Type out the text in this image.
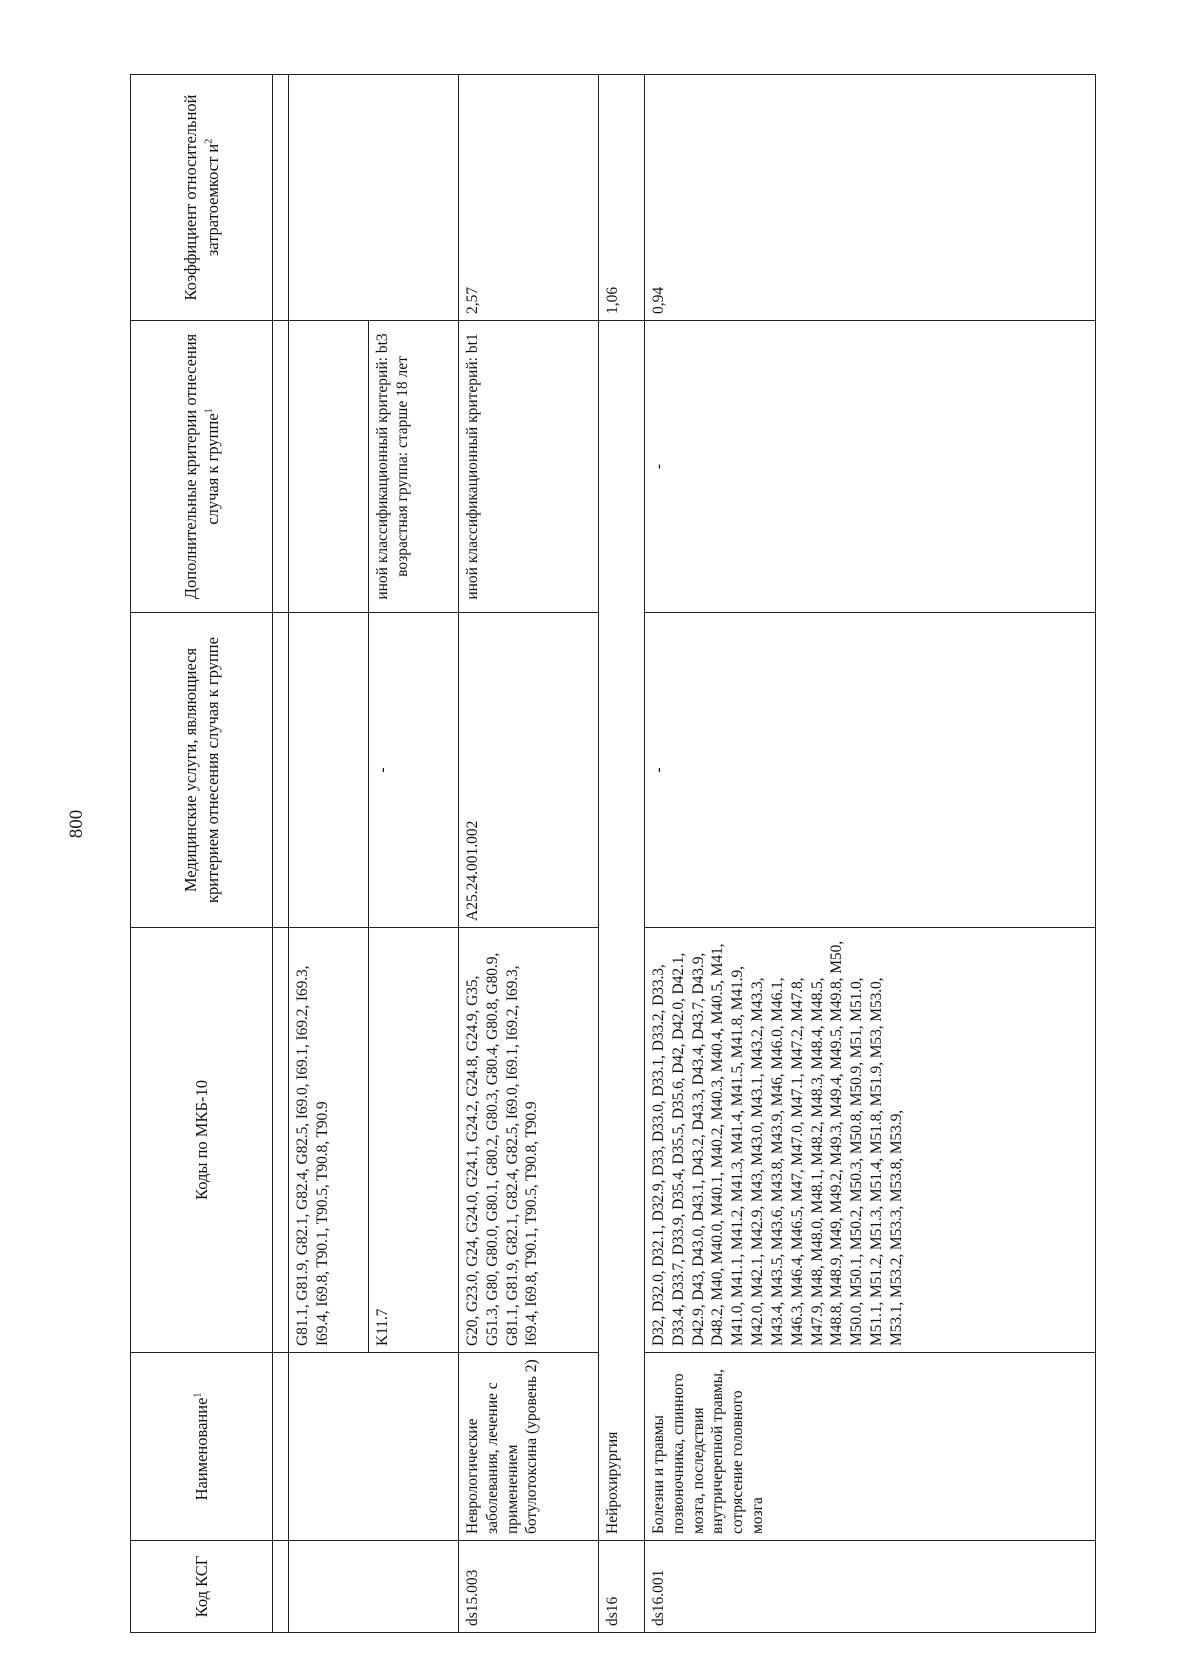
800
Код КСГ	Наименование$^1$	Коды по МКБ-10	Медицинские услуги, являющиеся критерием отнесения случая к группе	Дополнительные критерии отнесения случая к группе$^1$	Коэффициент относительной затратоемкост $и^2$

		G81.1, G81.9, G82.1, G82.4, G82.5, I69.0, I69.1, I69.2, I69.3, I69.4, I69.8, T90.1, T90.5, T90.8, T90.9			
		K11.7	-	иной классификационный критерий: bt3 возрастная группа: старше 18 лет	
ds15.003	Неврологические заболевания, лечение с применением ботулотоксина (уровень 2)	G20, G23.0, G24, G24.0, G24.1, G24.2, G24.8, G24.9, G35, G51.3, G80, G80.0, G80.1, G80.2, G80.3, G80.4, G80.8, G80.9, G81.1, G81.9, G82.1, G82.4, G82.5, I69.0, I69.1, I69.2, I69.3, I69.4, I69.8, T90.1, T90.5, T90.8, T90.9	A25.24.001.002	иной классификационный критерий: bt1	2,57
ds16	Нейрохирургия				1,06
ds16.001	Болезни и травмы позвоночника, спинного мозга, последствия внутричерепной травмы, сотрясение головного мозга	D32, D32.0, D32.1, D32.9, D33, D33.0, D33.1, D33.2, D33.3, D33.4, D33.7, D33.9, D35.4, D35.5, D35.6, D42, D42.0, D42.1, D42.9, D43, D43.0, D43.1, D43.2, D43.3, D43.4, D43.7, D43.9, D48.2, M40, M40.0, M40.1, M40.2, M40.3, M40.4, M40.5, M41, M41.0, M41.1, M41.2, M41.3, M41.4, M41.5, M41.8, M41.9, M42.0, M42.1, M42.9, M43, M43.0, M43.1, M43.2, M43.3, M43.4, M43.5, M43.6, M43.8, M43.9, M46, M46.0, M46.1, M46.3, M46.4, M46.5, M47, M47.0, M47.1, M47.2, M47.8, M47.9, M48, M48.0, M48.1, M48.2, M48.3, M48.4, M48.5, M48.8, M48.9, M49, M49.2, M49.3, M49.4, M49.5, M49.8, M50, M50.0, M50.1, M50.2, M50.3, M50.8, M50.9, M51, M51.0, M51.1, M51.2, M51.3, M51.4, M51.8, M51.9, M53, M53.0, M53.1, M53.2, M53.3, M53.8, M53.9,	-	-	0,94
